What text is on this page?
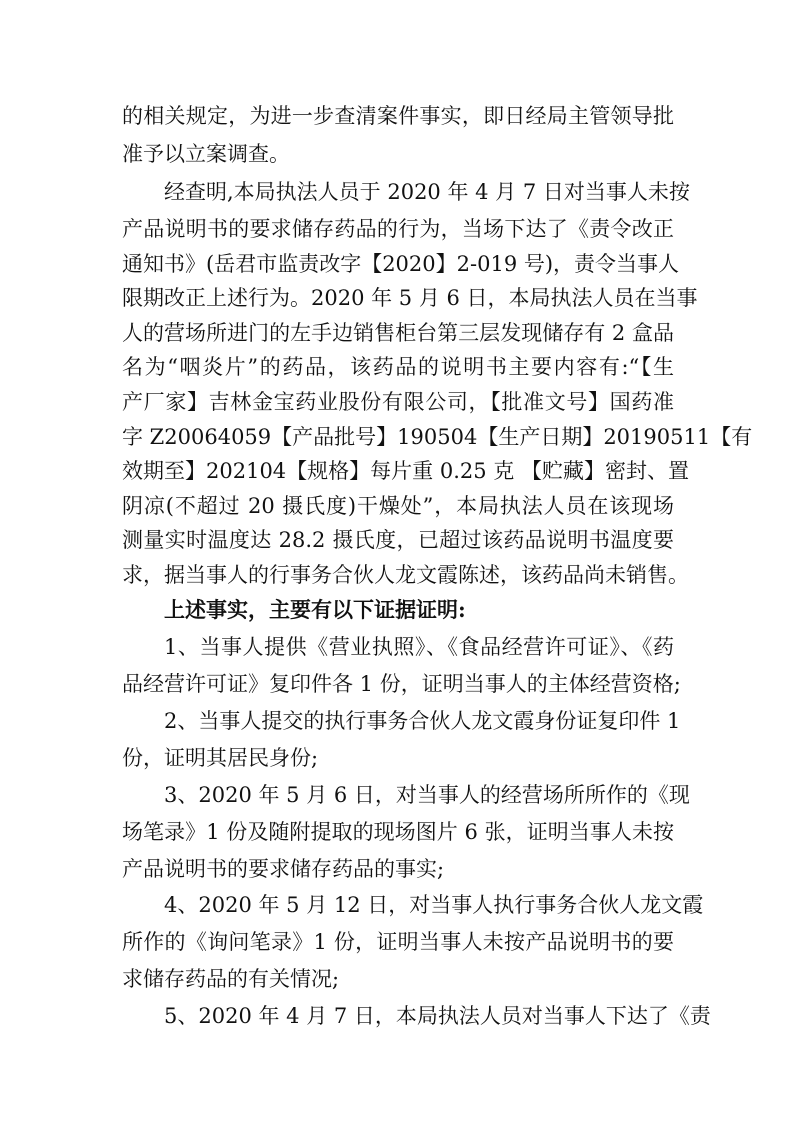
的相关规定，为进一步查清案件事实，即日经局主管领导批
准予以立案调查。
经查明,本局执法人员于 2020 年 4 月 7 日对当事人未按
产品说明书的要求储存药品的行为，当场下达了《责令改正
通知书》(岳君市监责改字【2020】2-019 号)，责令当事人
限期改正上述行为。2020 年 5 月 6 日，本局执法人员在当事
人的营场所进门的左手边销售柜台第三层发现储存有 2 盒品
名为“咽炎片”的药品，该药品的说明书主要内容有:“【生
产厂家】吉林金宝药业股份有限公司，【批准文号】国药准
字 Z20064059【产品批号】190504【生产日期】20190511【有
效期至】202104【规格】每片重 0.25 克 【贮藏】密封、置
阴凉(不超过 20 摄氏度)干燥处”，本局执法人员在该现场
测量实时温度达 28.2 摄氏度，已超过该药品说明书温度要
求，据当事人的行事务合伙人龙文霞陈述，该药品尚未销售。
上述事实，主要有以下证据证明:
1、当事人提供《营业执照》、《食品经营许可证》、《药
品经营许可证》复印件各 1 份，证明当事人的主体经营资格;
2、当事人提交的执行事务合伙人龙文霞身份证复印件 1
份，证明其居民身份;
3、2020 年 5 月 6 日，对当事人的经营场所所作的《现
场笔录》1 份及随附提取的现场图片 6 张，证明当事人未按
产品说明书的要求储存药品的事实;
4、2020 年 5 月 12 日，对当事人执行事务合伙人龙文霞
所作的《询问笔录》1 份，证明当事人未按产品说明书的要
求储存药品的有关情况;
5、2020 年 4 月 7 日，本局执法人员对当事人下达了《责
